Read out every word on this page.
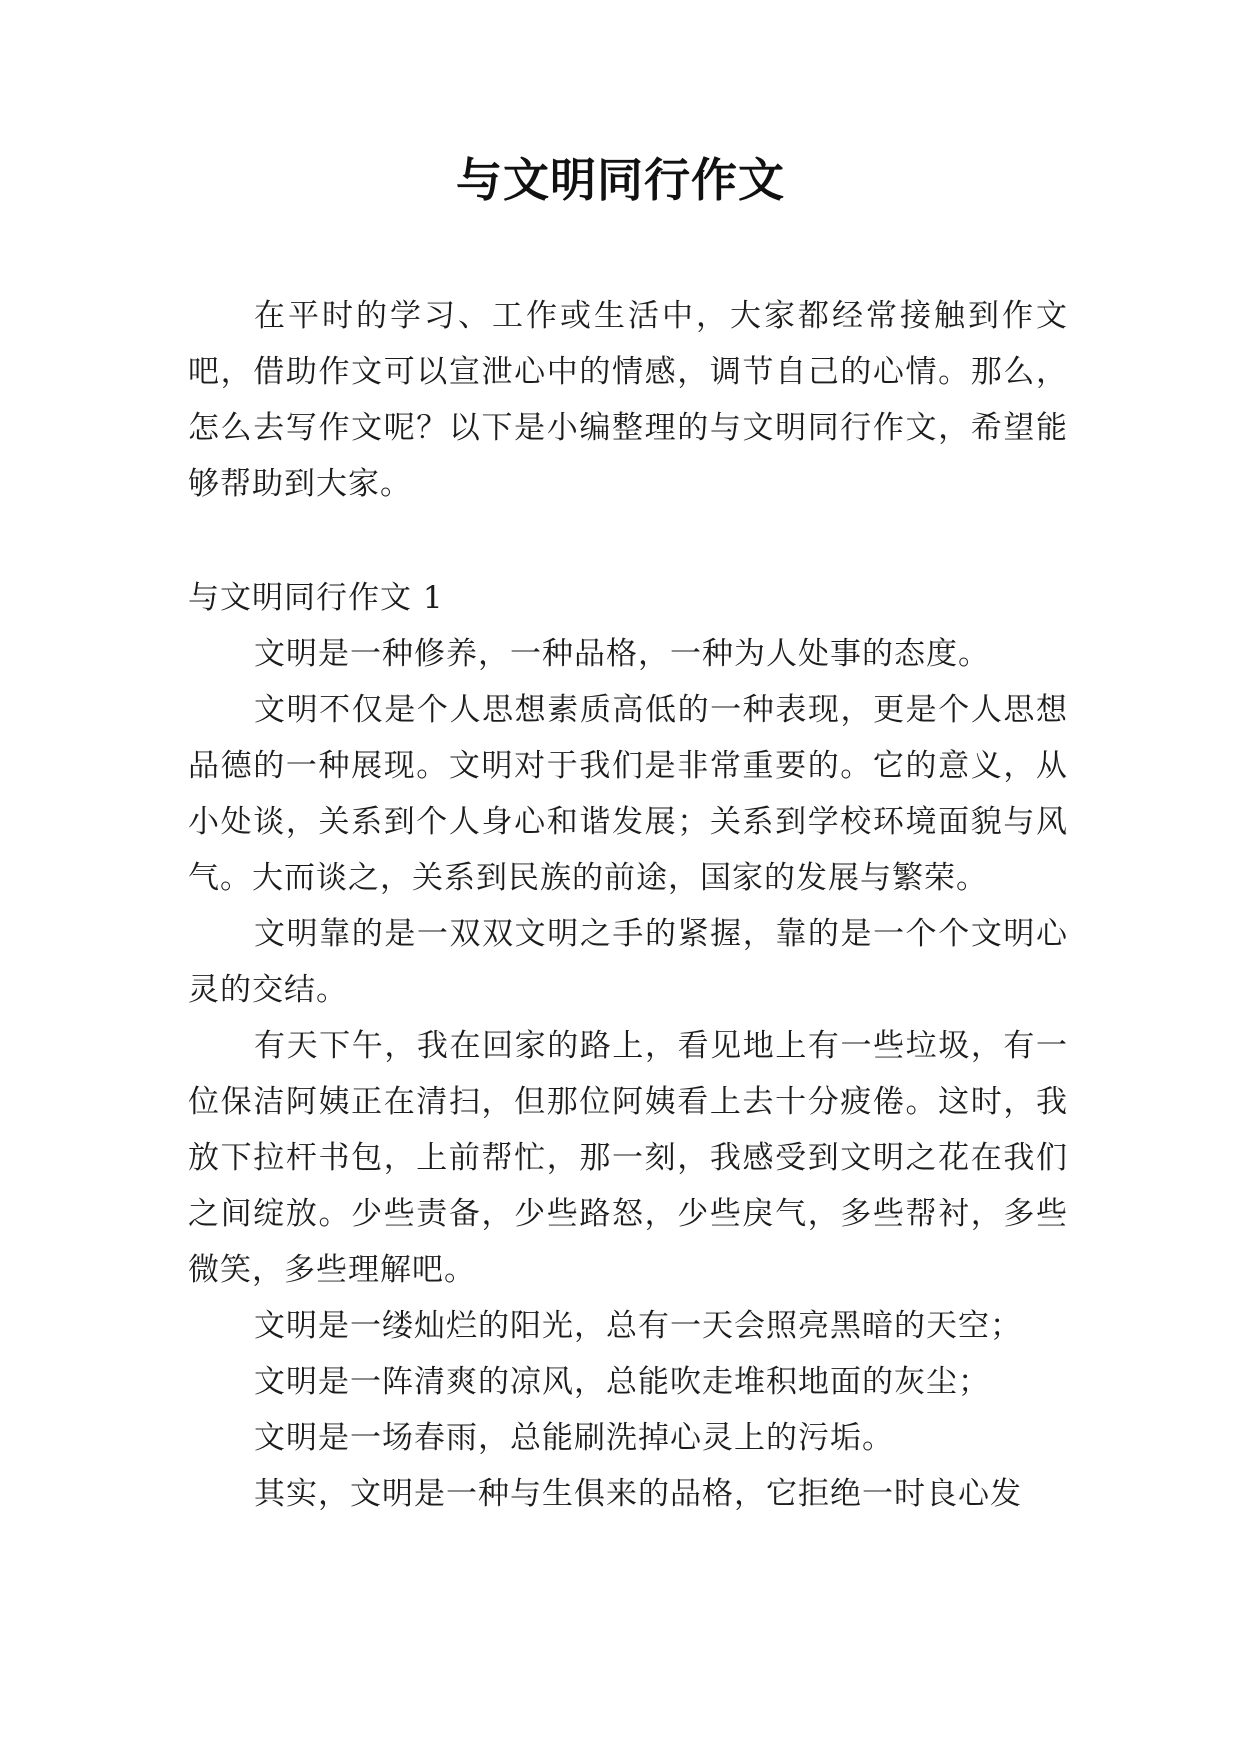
与文明同行作文

在平时的学习、工作或生活中，大家都经常接触到作文吧，借助作文可以宣泄心中的情感，调节自己的心情。那么，怎么去写作文呢？以下是小编整理的与文明同行作文，希望能够帮助到大家。

与文明同行作文 1

文明是一种修养，一种品格，一种为人处事的态度。

文明不仅是个人思想素质高低的一种表现，更是个人思想品德的一种展现。文明对于我们是非常重要的。它的意义，从小处谈，关系到个人身心和谐发展；关系到学校环境面貌与风气。大而谈之，关系到民族的前途，国家的发展与繁荣。

文明靠的是一双双文明之手的紧握，靠的是一个个文明心灵的交结。

有天下午，我在回家的路上，看见地上有一些垃圾，有一位保洁阿姨正在清扫，但那位阿姨看上去十分疲倦。这时，我放下拉杆书包，上前帮忙，那一刻，我感受到文明之花在我们之间绽放。少些责备，少些路怒，少些戾气，多些帮衬，多些微笑，多些理解吧。

文明是一缕灿烂的阳光，总有一天会照亮黑暗的天空；

文明是一阵清爽的凉风，总能吹走堆积地面的灰尘；

文明是一场春雨，总能刷洗掉心灵上的污垢。

其实，文明是一种与生俱来的品格，它拒绝一时良心发
